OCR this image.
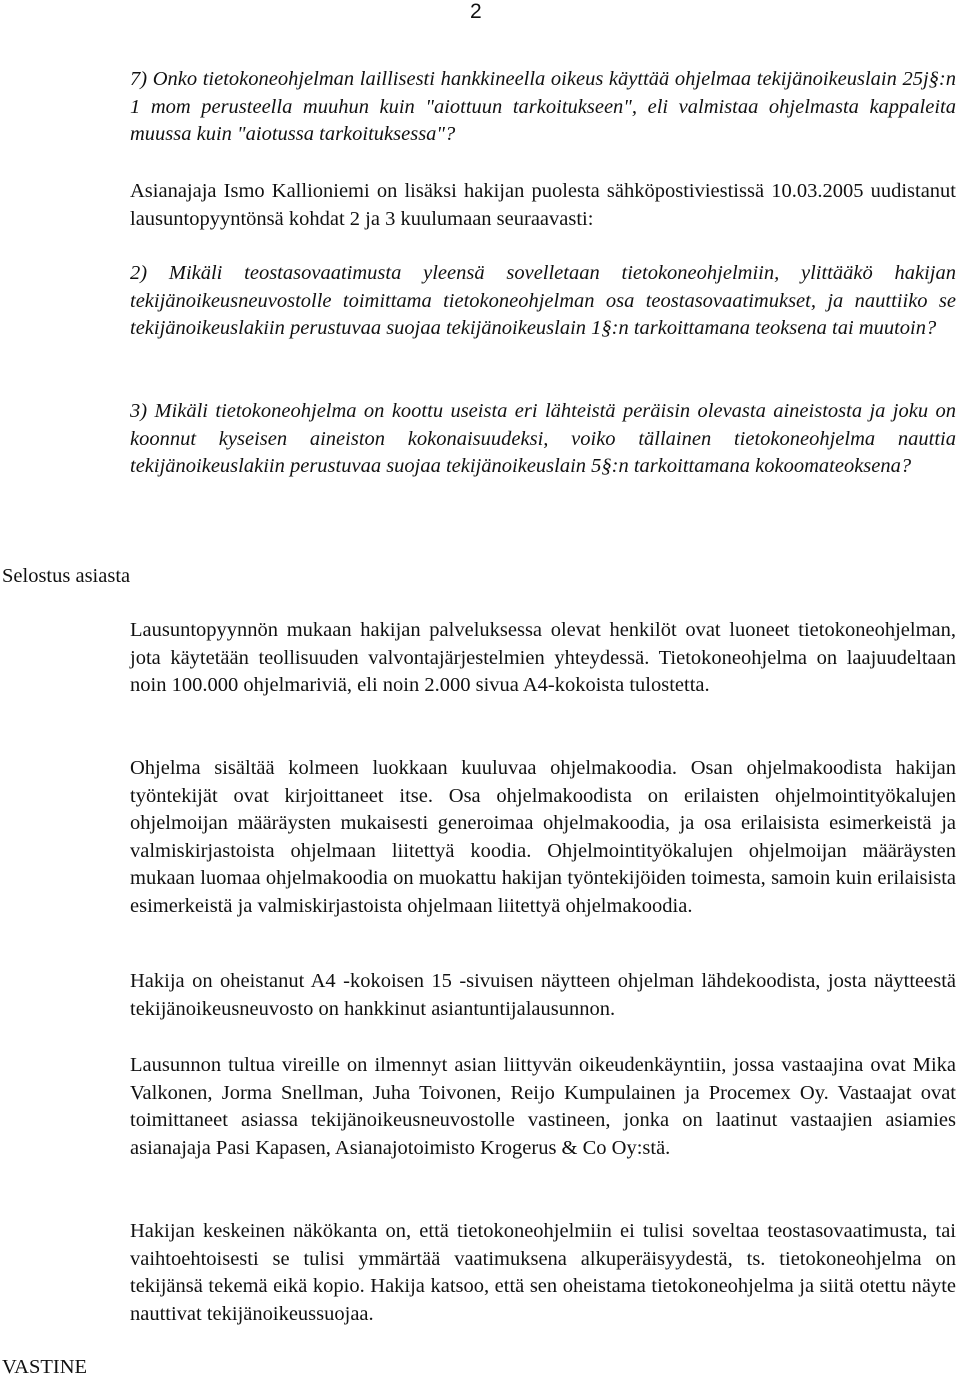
2

7) Onko tietokoneohjelman laillisesti hankkineella oikeus käyttää ohjelmaa tekijänoikeuslain 25j§:n 1 mom perusteella muuhun kuin "aiottuun tarkoitukseen", eli valmistaa ohjelmasta kappaleita muussa kuin "aiotussa tarkoituksessa"?

Asianajaja Ismo Kallioniemi on lisäksi hakijan puolesta sähköpostiviestissä 10.03.2005 uudistanut lausuntopyyntönsä kohdat 2 ja 3 kuulumaan seuraavasti:

2) Mikäli teostasovaatimusta yleensä sovelletaan tietokoneohjelmiin, ylittääkö hakijan tekijänoikeusneuvostolle toimittama tietokoneohjelman osa teostasovaatimukset, ja nauttiiko se tekijänoikeuslakiin perustuvaa suojaa tekijänoikeuslain 1§:n tarkoittamana teoksena tai muutoin?

3) Mikäli tietokoneohjelma on koottu useista eri lähteistä peräisin olevasta aineistosta ja joku on koonnut kyseisen aineiston kokonaisuudeksi, voiko tällainen tietokoneohjelma nauttia tekijänoikeuslakiin perustuvaa suojaa tekijänoikeuslain 5§:n tarkoittamana kokoomateoksena?

Selostus asiasta

Lausuntopyynnön mukaan hakijan palveluksessa olevat henkilöt ovat luoneet tietokoneohjelman, jota käytetään teollisuuden valvontajärjestelmien yhteydessä. Tietokoneohjelma on laajuudeltaan noin 100.000 ohjelmariviä, eli noin 2.000 sivua A4-kokoista tulostetta.

Ohjelma sisältää kolmeen luokkaan kuuluvaa ohjelmakoodia. Osan ohjelmakoodista hakijan työntekijät ovat kirjoittaneet itse. Osa ohjelmakoodista on erilaisten ohjelmointityökalujen ohjelmoijan määräysten mukaisesti generoimaa ohjelmakoodia, ja osa erilaisista esimerkeistä ja valmiskirjastoista ohjelmaan liitettyä koodia. Ohjelmointityökalujen ohjelmoijan määräysten mukaan luomaa ohjelmakoodia on muokattu hakijan työntekijöiden toimesta, samoin kuin erilaisista esimerkeistä ja valmiskirjastoista ohjelmaan liitettyä ohjelmakoodia.

Hakija on oheistanut A4 -kokoisen 15 -sivuisen näytteen ohjelman lähdekoodista, josta näytteestä tekijänoikeusneuvosto on hankkinut asiantuntijalausunnon.

Lausunnon tultua vireille on ilmennyt asian liittyvän oikeudenkäyntiin, jossa vastaajina ovat Mika Valkonen, Jorma Snellman, Juha Toivonen, Reijo Kumpulainen ja Procemex Oy. Vastaajat ovat toimittaneet asiassa tekijänoikeusneuvostolle vastineen, jonka on laatinut vastaajien asiamies asianajaja Pasi Kapasen, Asianajotoimisto Krogerus & Co Oy:stä.

Hakijan keskeinen näkökanta on, että tietokoneohjelmiin ei tulisi soveltaa teostasovaatimusta, tai vaihtoehtoisesti se tulisi ymmärtää vaatimuksena alkuperäisyydestä, ts. tietokoneohjelma on tekijänsä tekemä eikä kopio. Hakija katsoo, että sen oheistama tietokoneohjelma ja siitä otettu näyte nauttivat tekijänoikeussuojaa.

VASTINE
